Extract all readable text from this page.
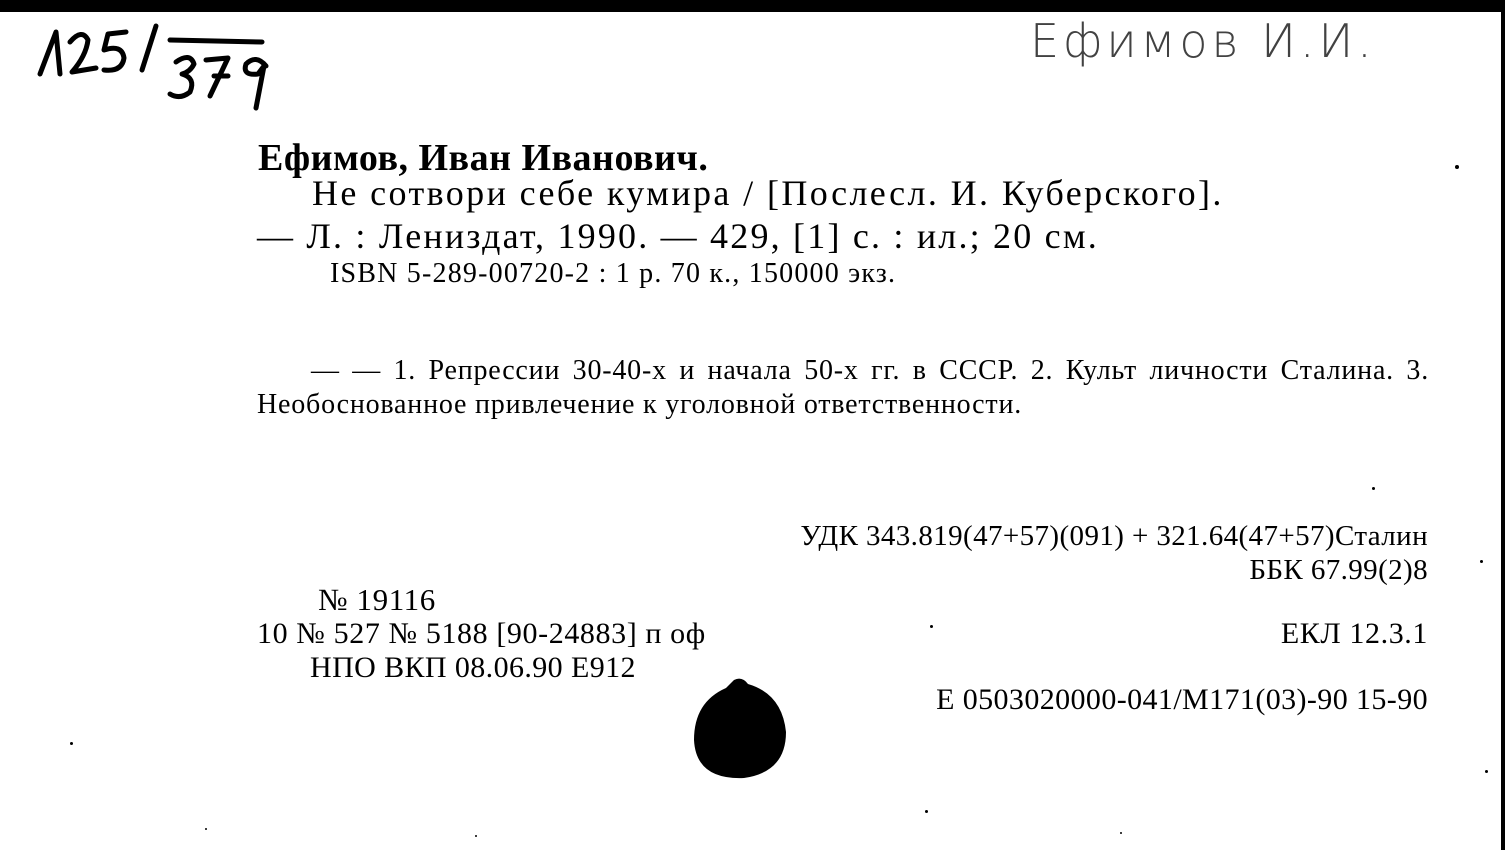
Ефимов И.И.
Ефимов, Иван Иванович.
Не сотвори себе кумира / [Послесл. И. Куберского].
— Л. : Лениздат, 1990. — 429, [1] с. : ил.; 20 см.
ISBN 5-289-00720-2 : 1 р. 70 к., 150000 экз.
— — 1. Репрессии 30-40-х и начала 50-х гг. в СССР. 2. Культ личности Сталина. 3. Необоснованное привлечение к уголовной ответственности.
УДК 343.819(47+57)(091) + 321.64(47+57)Сталин
ББК 67.99(2)8
№ 19116
10 № 527 № 5188 [90-24883] п оф	ЕКЛ 12.3.1
НПО ВКП 08.06.90 Е912
Е 0503020000-041/М171(03)-90 15-90
